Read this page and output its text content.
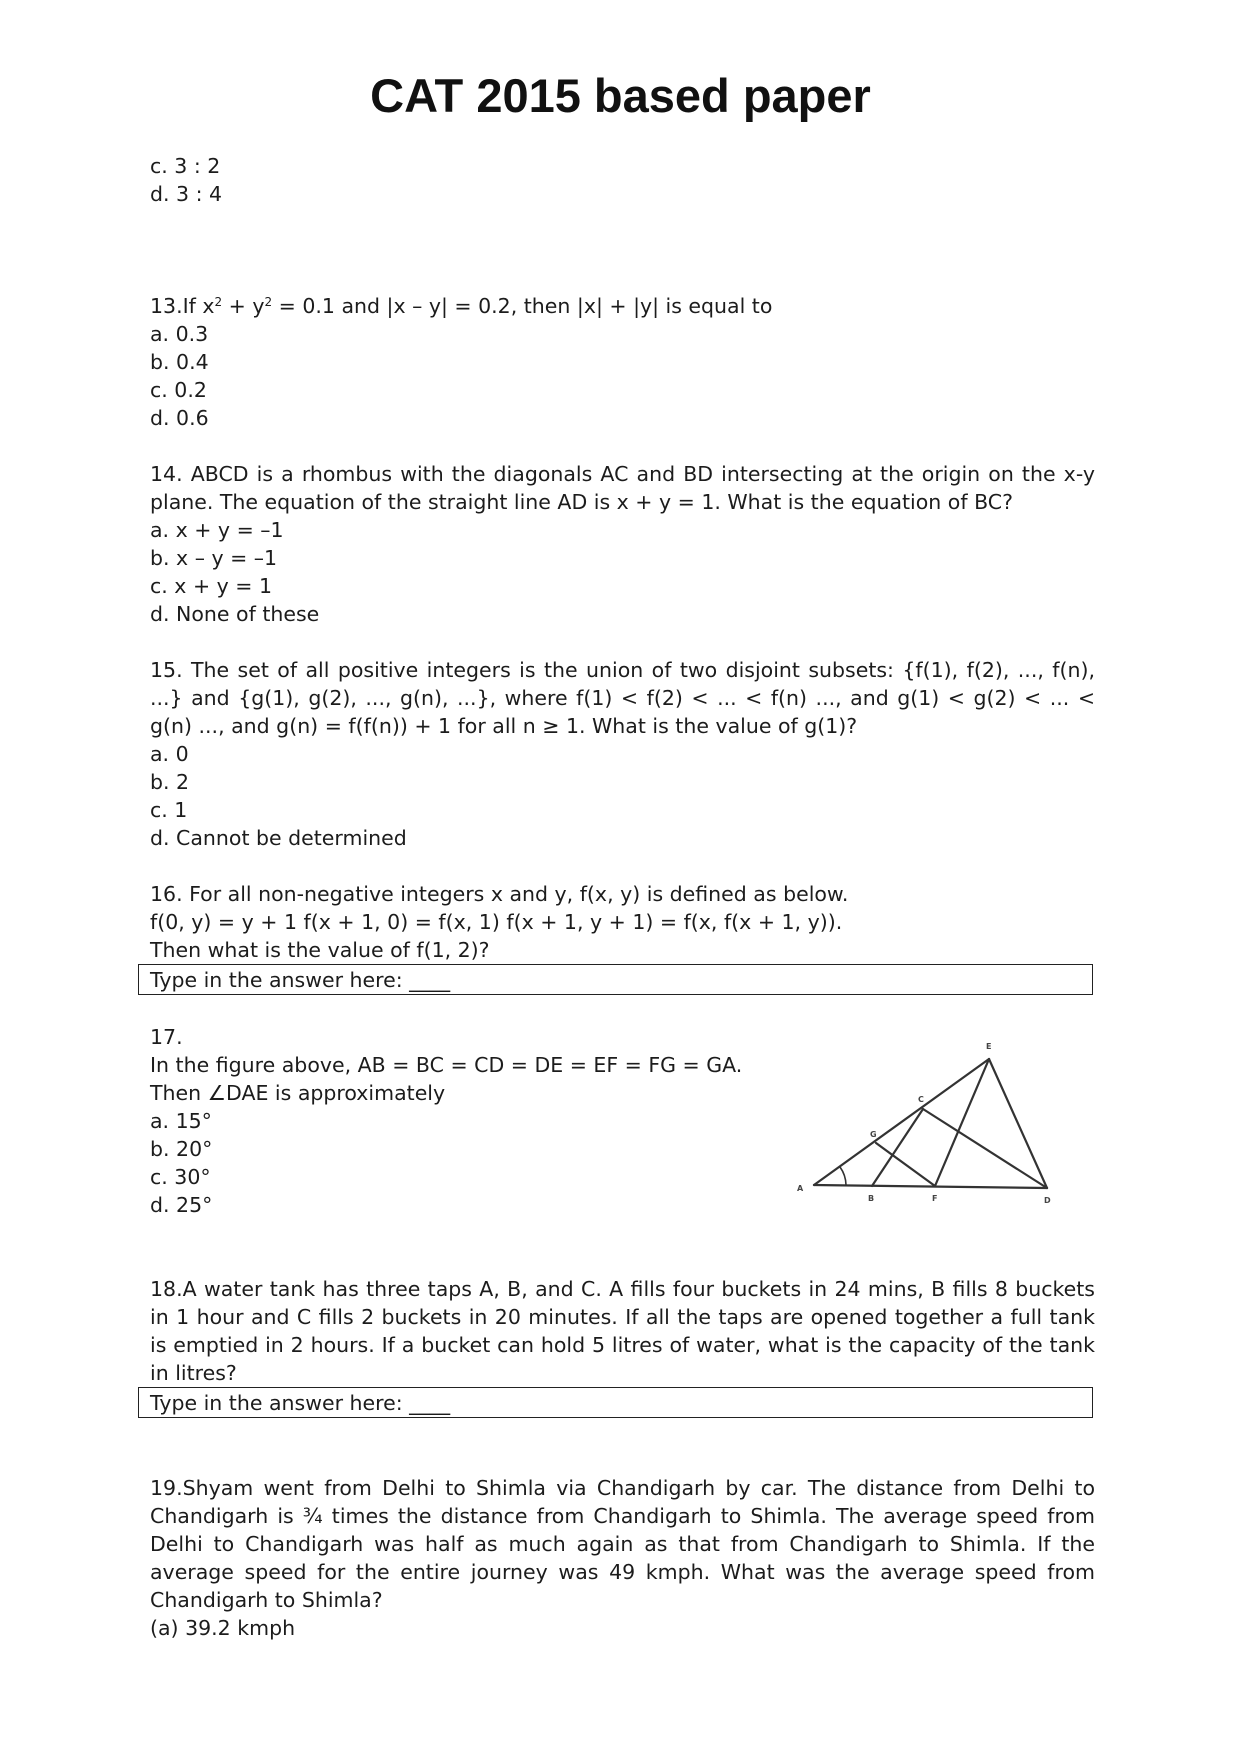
CAT 2015 based paper
c. 3 : 2
d. 3 : 4
13.If $x^2 + y^2 = 0.1$ and |x – y| = 0.2, then |x| + |y| is equal to
a. 0.3
b. 0.4
c. 0.2
d. 0.6
14. ABCD is a rhombus with the diagonals AC and BD intersecting at the origin on the x-y plane. The equation of the straight line AD is x + y = 1. What is the equation of BC?
a. x + y = –1
b. x – y = –1
c. x + y = 1
d. None of these
15. The set of all positive integers is the union of two disjoint subsets: {f(1), f(2), ..., f(n), ...} and {g(1), g(2), ..., g(n), ...}, where f(1) < f(2) < ... < f(n) ..., and g(1) < g(2) < ... < g(n) ..., and g(n) = f(f(n)) + 1 for all n ≥ 1. What is the value of g(1)?
a. 0
b. 2
c. 1
d. Cannot be determined
16. For all non-negative integers x and y, f(x, y) is defined as below.
f(0, y) = y + 1 f(x + 1, 0) = f(x, 1) f(x + 1, y + 1) = f(x, f(x + 1, y)).
Then what is the value of f(1, 2)?
Type in the answer here: ____
17.
In the figure above, AB = BC = CD = DE = EF = FG = GA.
Then ∠DAE is approximately
a. 15°
b. 20°
c. 30°
d. 25°
A
B	F	D
G
C
E
18.A water tank has three taps A, B, and C. A fills four buckets in 24 mins, B fills 8 buckets in 1 hour and C fills 2 buckets in 20 minutes. If all the taps are opened together a full tank is emptied in 2 hours. If a bucket can hold 5 litres of water, what is the capacity of the tank in litres?
Type in the answer here: ____
19.Shyam went from Delhi to Shimla via Chandigarh by car. The distance from Delhi to Chandigarh is ¾ times the distance from Chandigarh to Shimla. The average speed from Delhi to Chandigarh was half as much again as that from Chandigarh to Shimla. If the average speed for the entire journey was 49 kmph. What was the average speed from Chandigarh to Shimla?
(a) 39.2 kmph
